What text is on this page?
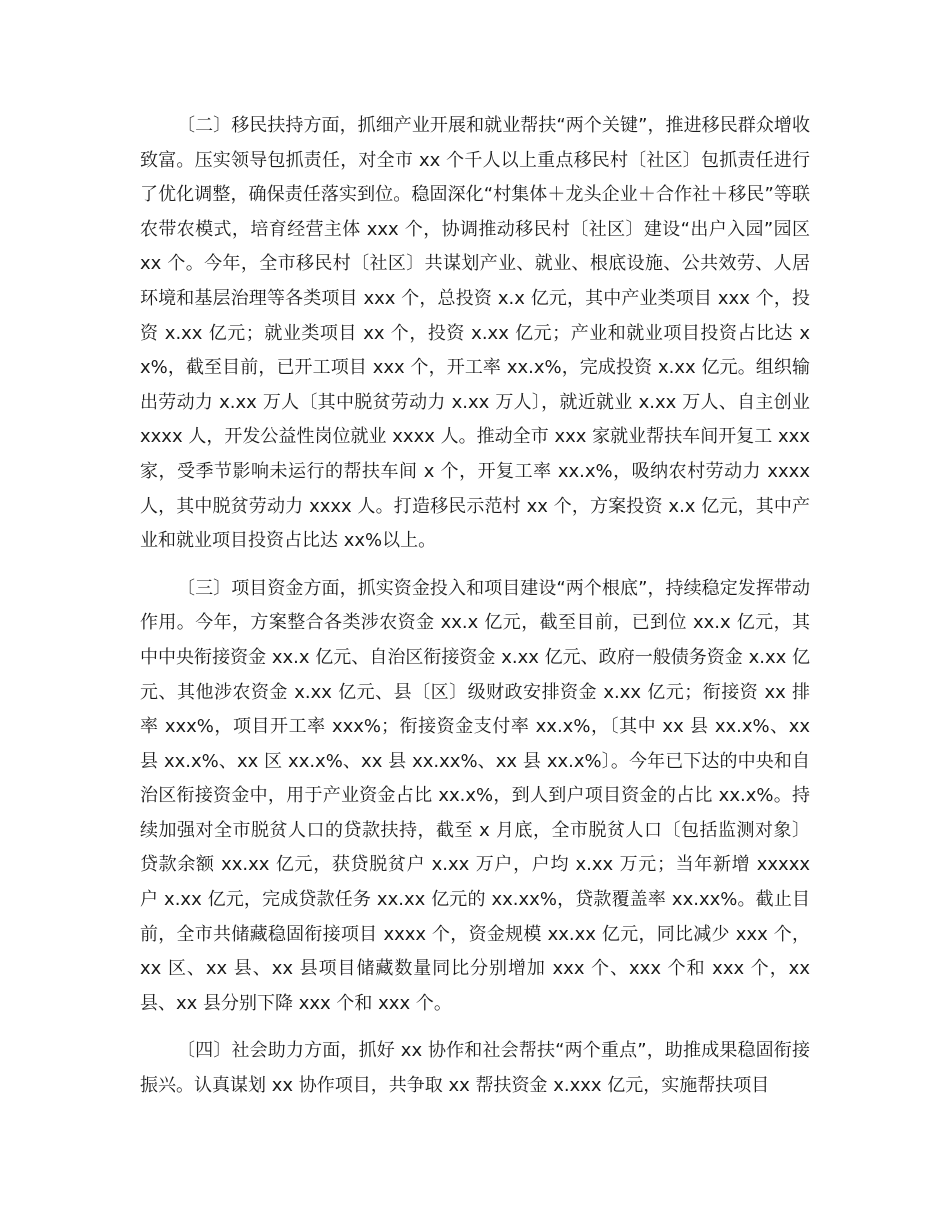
〔二〕移民扶持方面，抓细产业开展和就业帮扶“两个关键”，推进移民群众增收致富。压实领导包抓责任，对全市 xx 个千人以上重点移民村〔社区〕包抓责任进行了优化调整，确保责任落实到位。稳固深化“村集体＋龙头企业＋合作社＋移民”等联农带农模式，培育经营主体 xxx 个，协调推动移民村〔社区〕建设“出户入园”园区 xx 个。今年，全市移民村〔社区〕共谋划产业、就业、根底设施、公共效劳、人居环境和基层治理等各类项目 xxx 个，总投资 x.x 亿元，其中产业类项目 xxx 个，投资 x.xx 亿元；就业类项目 xx 个，投资 x.xx 亿元；产业和就业项目投资占比达 xx%，截至目前，已开工项目 xxx 个，开工率 xx.x%，完成投资 x.xx 亿元。组织输出劳动力 x.xx 万人〔其中脱贫劳动力 x.xx 万人〕，就近就业 x.xx 万人、自主创业 xxxx 人，开发公益性岗位就业 xxxx 人。推动全市 xxx 家就业帮扶车间开复工 xxx 家，受季节影响未运行的帮扶车间 x 个，开复工率 xx.x%，吸纳农村劳动力 xxxx 人，其中脱贫劳动力 xxxx 人。打造移民示范村 xx 个，方案投资 x.x 亿元，其中产业和就业项目投资占比达 xx%以上。

〔三〕项目资金方面，抓实资金投入和项目建设“两个根底”，持续稳定发挥带动作用。今年，方案整合各类涉农资金 xx.x 亿元，截至目前，已到位 xx.x 亿元，其中中央衔接资金 xx.x 亿元、自治区衔接资金 x.xx 亿元、政府一般债务资金 x.xx 亿元、其他涉农资金 x.xx 亿元、县〔区〕级财政安排资金 x.xx 亿元；衔接资 xx 排率 xxx%，项目开工率 xxx%；衔接资金支付率 xx.x%，〔其中 xx 县 xx.x%、xx 县 xx.x%、xx 区 xx.x%、xx 县 xx.xx%、xx 县 xx.x%〕。今年已下达的中央和自治区衔接资金中，用于产业资金占比 xx.x%，到人到户项目资金的占比 xx.x%。持续加强对全市脱贫人口的贷款扶持，截至 x 月底，全市脱贫人口〔包括监测对象〕贷款余额 xx.xx 亿元，获贷脱贫户 x.xx 万户，户均 x.xx 万元；当年新增 xxxxx 户 x.xx 亿元，完成贷款任务 xx.xx 亿元的 xx.xx%，贷款覆盖率 xx.xx%。截止目前，全市共储藏稳固衔接项目 xxxx 个，资金规模 xx.xx 亿元，同比减少 xxx 个，xx 区、xx 县、xx 县项目储藏数量同比分别增加 xxx 个、xxx 个和 xxx 个，xx 县、xx 县分别下降 xxx 个和 xxx 个。

〔四〕社会助力方面，抓好 xx 协作和社会帮扶“两个重点”，助推成果稳固衔接振兴。认真谋划 xx 协作项目，共争取 xx 帮扶资金 x.xxx 亿元，实施帮扶项目
